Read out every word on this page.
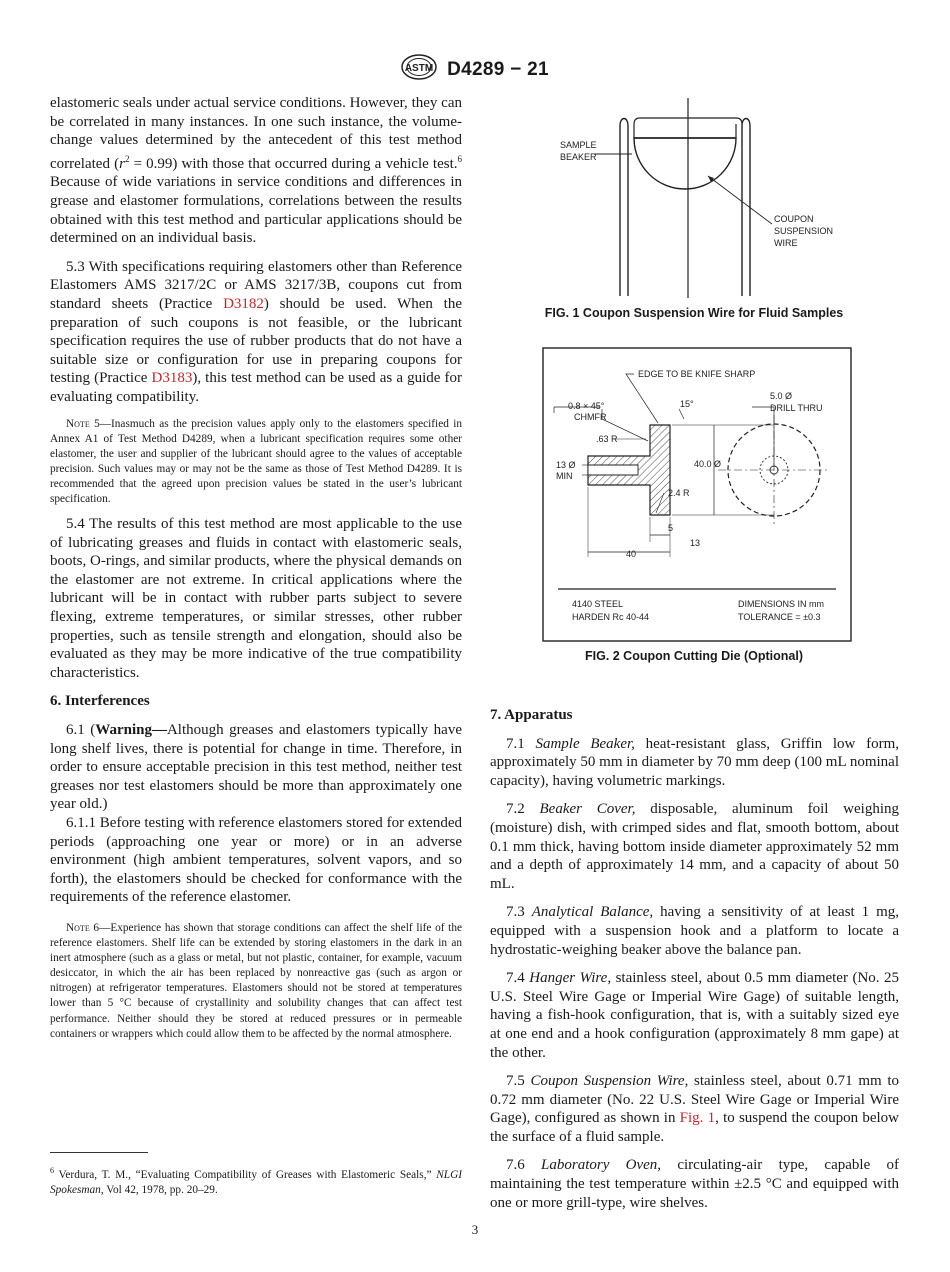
ASTM D4289 − 21

elastomeric seals under actual service conditions. However, they can be correlated in many instances. In one such instance, the volume-change values determined by the antecedent of this test method correlated $(r^2 = 0.99)$ with those that occurred during a vehicle test.$^6$ Because of wide variations in service conditions and differences in grease and elastomer formulations, correlations between the results obtained with this test method and particular applications should be determined on an individual basis.

5.3 With specifications requiring elastomers other than Reference Elastomers AMS 3217/2C or AMS 3217/3B, coupons cut from standard sheets (Practice D3182) should be used. When the preparation of such coupons is not feasible, or the lubricant specification requires the use of rubber products that do not have a suitable size or configuration for use in preparing coupons for testing (Practice D3183), this test method can be used as a guide for evaluating compatibility.

Note 5—Inasmuch as the precision values apply only to the elastomers specified in Annex A1 of Test Method D4289, when a lubricant specification requires some other elastomer, the user and supplier of the lubricant should agree to the values of acceptable precision. Such values may or may not be the same as those of Test Method D4289. It is recommended that the agreed upon precision values be stated in the user’s lubricant specification.

5.4 The results of this test method are most applicable to the use of lubricating greases and fluids in contact with elastomeric seals, boots, O-rings, and similar products, where the physical demands on the elastomer are not extreme. In critical applications where the lubricant will be in contact with rubber parts subject to severe flexing, extreme temperatures, or similar stresses, other rubber properties, such as tensile strength and elongation, should also be evaluated as they may be more indicative of the true compatibility characteristics.

6. Interferences

6.1 (Warning—Although greases and elastomers typically have long shelf lives, there is potential for change in time. Therefore, in order to ensure acceptable precision in this test method, neither test greases nor test elastomers should be more than approximately one year old.)

6.1.1 Before testing with reference elastomers stored for extended periods (approaching one year or more) or in an adverse environment (high ambient temperatures, solvent vapors, and so forth), the elastomers should be checked for conformance with the requirements of the reference elastomer.

Note 6—Experience has shown that storage conditions can affect the shelf life of the reference elastomers. Shelf life can be extended by storing elastomers in the dark in an inert atmosphere (such as a glass or metal, but not plastic, container, for example, vacuum desiccator, in which the air has been replaced by nonreactive gas (such as argon or nitrogen) at refrigerator temperatures. Elastomers should not be stored at temperatures lower than 5 °C because of crystallinity and solubility changes that can affect test performance. Neither should they be stored at reduced pressures or in permeable containers or wrappers which could allow them to be affected by the normal atmosphere.

$^6$ Verdura, T. M., “Evaluating Compatibility of Greases with Elastomeric Seals,” NLGI Spokesman, Vol 42, 1978, pp. 20–29.
SAMPLE
BEAKER
COUPON
SUSPENSION
WIRE
FIG. 1 Coupon Suspension Wire for Fluid Samples
EDGE TO BE KNIFE SHARP
15°
5.0 Ø
DRILL THRU
0.8 × 45°
CHMFR
.63 R
13 Ø
MIN
40.0 Ø
2.4 R
5
13
40
4140 STEEL
HARDEN Rc 40-44
DIMENSIONS IN mm
TOLERANCE = ±0.3
FIG. 2 Coupon Cutting Die (Optional)

7. Apparatus

7.1 Sample Beaker, heat-resistant glass, Griffin low form, approximately 50 mm in diameter by 70 mm deep (100 mL nominal capacity), having volumetric markings.

7.2 Beaker Cover, disposable, aluminum foil weighing (moisture) dish, with crimped sides and flat, smooth bottom, about 0.1 mm thick, having bottom inside diameter approximately 52 mm and a depth of approximately 14 mm, and a capacity of about 50 mL.

7.3 Analytical Balance, having a sensitivity of at least 1 mg, equipped with a suspension hook and a platform to locate a hydrostatic-weighing beaker above the balance pan.

7.4 Hanger Wire, stainless steel, about 0.5 mm diameter (No. 25 U.S. Steel Wire Gage or Imperial Wire Gage) of suitable length, having a fish-hook configuration, that is, with a suitably sized eye at one end and a hook configuration (approximately 8 mm gape) at the other.

7.5 Coupon Suspension Wire, stainless steel, about 0.71 mm to 0.72 mm diameter (No. 22 U.S. Steel Wire Gage or Imperial Wire Gage), configured as shown in Fig. 1, to suspend the coupon below the surface of a fluid sample.

7.6 Laboratory Oven, circulating-air type, capable of maintaining the test temperature within ±2.5 °C and equipped with one or more grill-type, wire shelves.

3
